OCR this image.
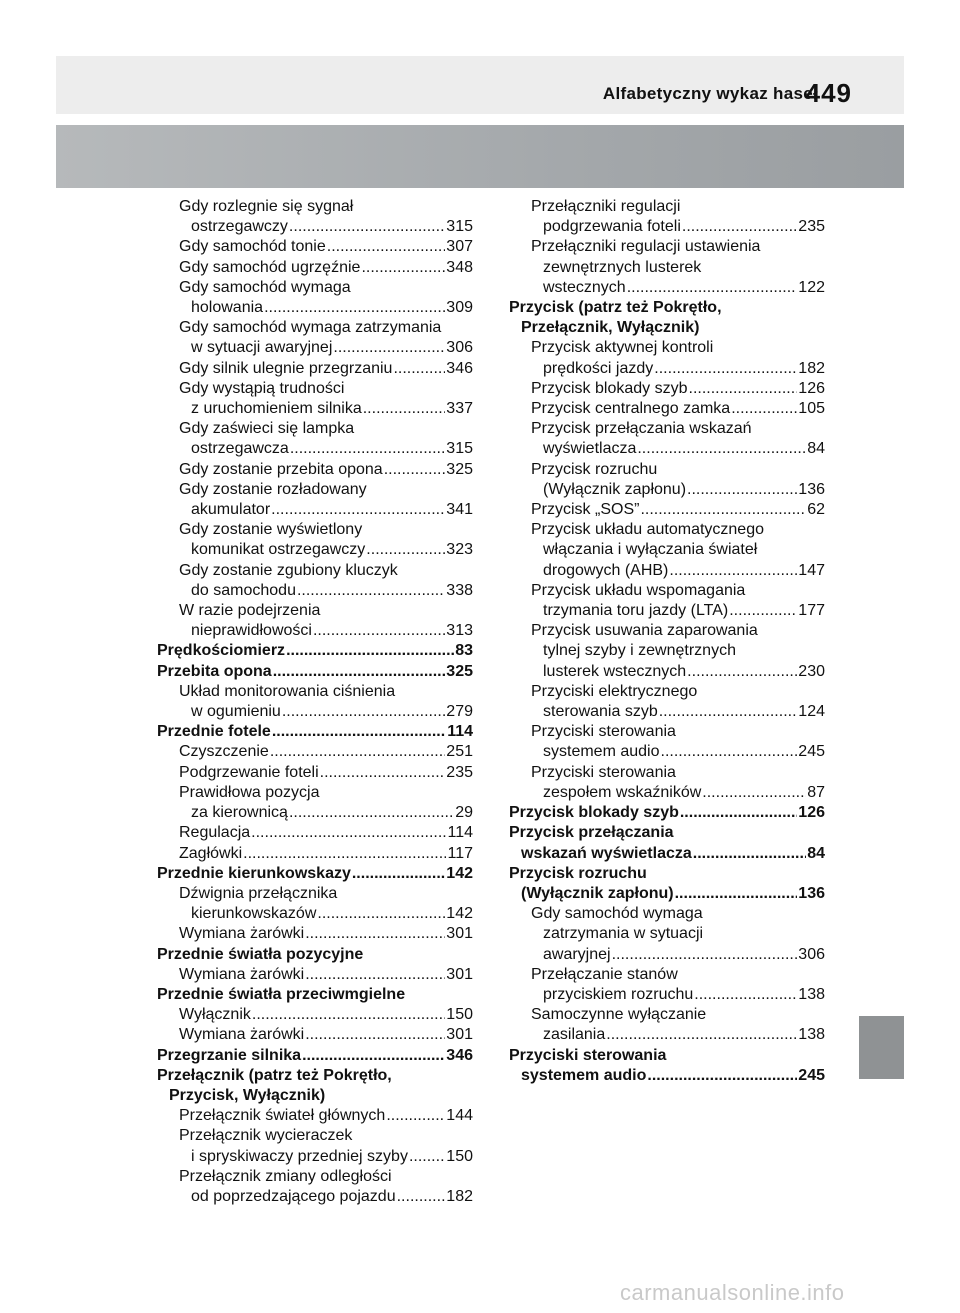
Alfabetyczny wykaz haseł
449
Gdy rozlegnie się sygnał
ostrzegawczy .....	315
Gdy samochód tonie .....	307
Gdy samochód ugrzęźnie .....	348
Gdy samochód wymaga
holowania .....	309
Gdy samochód wymaga zatrzymania
w sytuacji awaryjnej .....	306
Gdy silnik ulegnie przegrzaniu .....	346
Gdy wystąpią trudności
z uruchomieniem silnika .....	337
Gdy zaświeci się lampka
ostrzegawcza .....	315
Gdy zostanie przebita opona .....	325
Gdy zostanie rozładowany
akumulator .....	341
Gdy zostanie wyświetlony
komunikat ostrzegawczy .....	323
Gdy zostanie zgubiony kluczyk
do samochodu .....	338
W razie podejrzenia
nieprawidłowości .....	313
Prędkościomierz .....	83
Przebita opona .....	325
Układ monitorowania ciśnienia
w ogumieniu .....	279
Przednie fotele .....	114
Czyszczenie .....	251
Podgrzewanie foteli .....	235
Prawidłowa pozycja
za kierownicą .....	29
Regulacja .....	114
Zagłówki .....	117
Przednie kierunkowskazy .....	142
Dźwignia przełącznika
kierunkowskazów .....	142
Wymiana żarówki .....	301
Przednie światła pozycyjne
Wymiana żarówki .....	301
Przednie światła przeciwmgielne
Wyłącznik .....	150
Wymiana żarówki .....	301
Przegrzanie silnika .....	346
Przełącznik (patrz też Pokrętło,
Przycisk, Wyłącznik)
Przełącznik świateł głównych .....	144
Przełącznik wycieraczek
i spryskiwaczy przedniej szyby ..... 150
Przełącznik zmiany odległości
od poprzedzającego pojazdu .....	182
Przełączniki regulacji
podgrzewania foteli .....	235
Przełączniki regulacji ustawienia
zewnętrznych lusterek
wstecznych .....	122
Przycisk (patrz też Pokrętło,
Przełącznik, Wyłącznik)
Przycisk aktywnej kontroli
prędkości jazdy .....	182
Przycisk blokady szyb .....	126
Przycisk centralnego zamka .....	105
Przycisk przełączania wskazań
wyświetlacza .....	84
Przycisk rozruchu
(Wyłącznik zapłonu) .....	136
Przycisk „SOS” .....	62
Przycisk układu automatycznego
włączania i wyłączania świateł
drogowych (AHB) .....	147
Przycisk układu wspomagania
trzymania toru jazdy (LTA) .....	177
Przycisk usuwania zaparowania
tylnej szyby i zewnętrznych
lusterek wstecznych .....	230
Przyciski elektrycznego
sterowania szyb .....	124
Przyciski sterowania
systemem audio .....	245
Przyciski sterowania
zespołem wskaźników .....	87
Przycisk blokady szyb .....	126
Przycisk przełączania
wskazań wyświetlacza .....	84
Przycisk rozruchu
(Wyłącznik zapłonu) .....	136
Gdy samochód wymaga
zatrzymania w sytuacji
awaryjnej .....	306
Przełączanie stanów
przyciskiem rozruchu .....	138
Samoczynne wyłączanie
zasilania .....	138
Przyciski sterowania
systemem audio .....	245
carmanualsonline.info
